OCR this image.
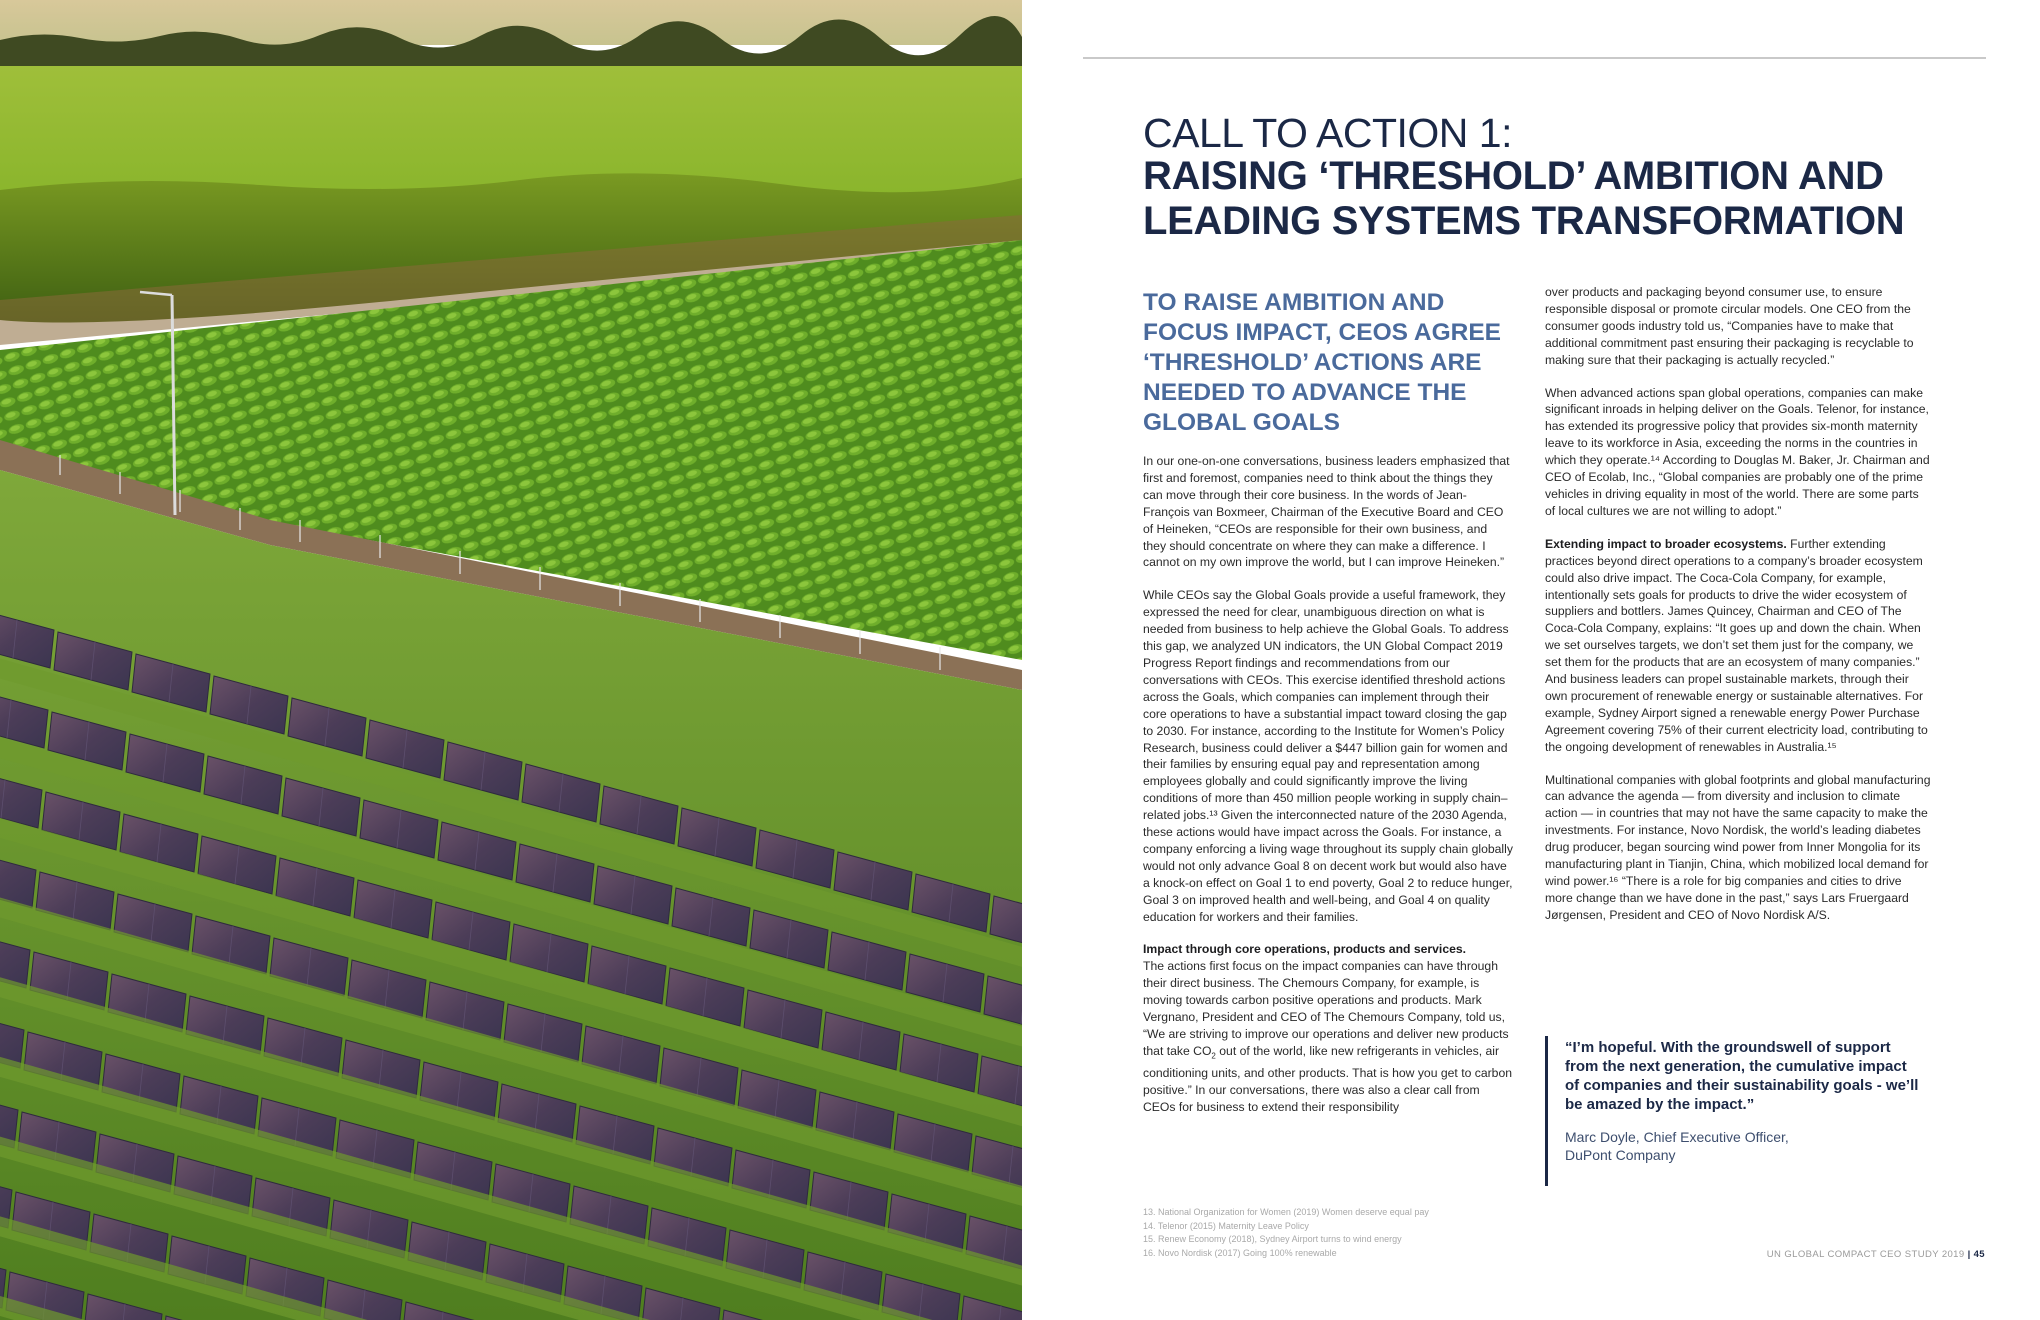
CALL TO ACTION 1:
RAISING ‘THRESHOLD’ AMBITION AND
LEADING SYSTEMS TRANSFORMATION
TO RAISE AMBITION AND FOCUS IMPACT, CEOS AGREE ‘THRESHOLD’ ACTIONS ARE NEEDED TO ADVANCE THE GLOBAL GOALS

In our one-on-one conversations, business leaders emphasized that first and foremost, companies need to think about the things they can move through their core business. In the words of Jean-François van Boxmeer, Chairman of the Executive Board and CEO of Heineken, “CEOs are responsible for their own business, and they should concentrate on where they can make a difference. I cannot on my own improve the world, but I can improve Heineken.”

While CEOs say the Global Goals provide a useful framework, they expressed the need for clear, unambiguous direction on what is needed from business to help achieve the Global Goals. To address this gap, we analyzed UN indicators, the UN Global Compact 2019 Progress Report findings and recommendations from our conversations with CEOs. This exercise identified threshold actions across the Goals, which companies can implement through their core operations to have a substantial impact toward closing the gap to 2030. For instance, according to the Institute for Women’s Policy Research, business could deliver a $447 billion gain for women and their families by ensuring equal pay and representation among employees globally and could significantly improve the living conditions of more than 450 million people working in supply chain–related jobs.¹³ Given the interconnected nature of the 2030 Agenda, these actions would have impact across the Goals. For instance, a company enforcing a living wage throughout its supply chain globally would not only advance Goal 8 on decent work but would also have a knock-on effect on Goal 1 to end poverty, Goal 2 to reduce hunger, Goal 3 on improved health and well-being, and Goal 4 on quality education for workers and their families.

Impact through core operations, products and services.
The actions first focus on the impact companies can have through their direct business. The Chemours Company, for example, is moving towards carbon positive operations and products. Mark Vergnano, President and CEO of The Chemours Company, told us, “We are striving to improve our operations and deliver new products that take $CO_2$ out of the world, like new refrigerants in vehicles, air conditioning units, and other products. That is how you get to carbon positive.” In our conversations, there was also a clear call from CEOs for business to extend their responsibility

over products and packaging beyond consumer use, to ensure responsible disposal or promote circular models. One CEO from the consumer goods industry told us, “Companies have to make that additional commitment past ensuring their packaging is recyclable to making sure that their packaging is actually recycled.”

When advanced actions span global operations, companies can make significant inroads in helping deliver on the Goals. Telenor, for instance, has extended its progressive policy that provides six-month maternity leave to its workforce in Asia, exceeding the norms in the countries in which they operate.¹⁴ According to Douglas M. Baker, Jr. Chairman and CEO of Ecolab, Inc., “Global companies are probably one of the prime vehicles in driving equality in most of the world. There are some parts of local cultures we are not willing to adopt.”

Extending impact to broader ecosystems. Further extending practices beyond direct operations to a company’s broader ecosystem could also drive impact. The Coca-Cola Company, for example, intentionally sets goals for products to drive the wider ecosystem of suppliers and bottlers. James Quincey, Chairman and CEO of The Coca-Cola Company, explains: “It goes up and down the chain. When we set ourselves targets, we don’t set them just for the company, we set them for the products that are an ecosystem of many companies.” And business leaders can propel sustainable markets, through their own procurement of renewable energy or sustainable alternatives. For example, Sydney Airport signed a renewable energy Power Purchase Agreement covering 75% of their current electricity load, contributing to the ongoing development of renewables in Australia.¹⁵

Multinational companies with global footprints and global manufacturing can advance the agenda — from diversity and inclusion to climate action — in countries that may not have the same capacity to make the investments. For instance, Novo Nordisk, the world’s leading diabetes drug producer, began sourcing wind power from Inner Mongolia for its manufacturing plant in Tianjin, China, which mobilized local demand for wind power.¹⁶ “There is a role for big companies and cities to drive more change than we have done in the past,” says Lars Fruergaard Jørgensen, President and CEO of Novo Nordisk A/S.

“I’m hopeful. With the groundswell of support from the next generation, the cumulative impact of companies and their sustainability goals - we’ll be amazed by the impact.”
Marc Doyle, Chief Executive Officer,
DuPont Company
13. National Organization for Women (2019) Women deserve equal pay
14. Telenor (2015) Maternity Leave Policy
15. Renew Economy (2018), Sydney Airport turns to wind energy
16. Novo Nordisk (2017) Going 100% renewable	UN GLOBAL COMPACT CEO STUDY 2019 | 45
